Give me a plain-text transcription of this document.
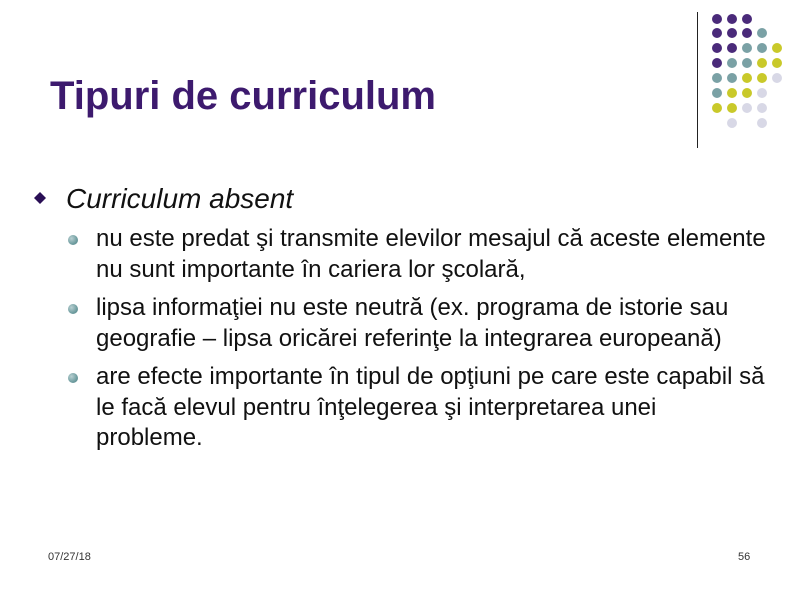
Tipuri de curriculum

Curriculum absent

nu este predat şi transmite elevilor mesajul că aceste elemente nu sunt importante în cariera lor şcolară,
lipsa informaţiei nu este neutră (ex. programa de istorie sau geografie – lipsa oricărei referinţe la integrarea europeană)
are efecte importante în tipul de opţiuni pe care este capabil să le facă elevul pentru înţelegerea şi interpretarea unei probleme.
07/27/18	56
